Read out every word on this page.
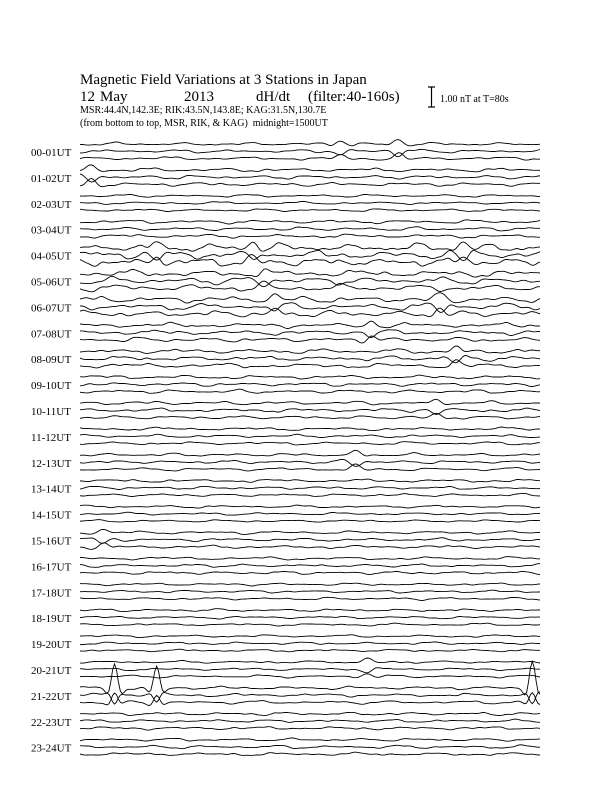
Magnetic Field Variations at 3 Stations in Japan
12 May	2013	dH/dt (filter:40-160s)
MSR:44.4N,142.3E; RIK:43.5N,143.8E; KAG:31.5N,130.7E
(from bottom to top, MSR, RIK, & KAG) midnight=1500UT
1.00 nT at T=80s
00-01UT
01-02UT
02-03UT
03-04UT
04-05UT
05-06UT
06-07UT
07-08UT
08-09UT
09-10UT
10-11UT
11-12UT
12-13UT
13-14UT
14-15UT
15-16UT
16-17UT
17-18UT
18-19UT
19-20UT
20-21UT
21-22UT
22-23UT
23-24UT
